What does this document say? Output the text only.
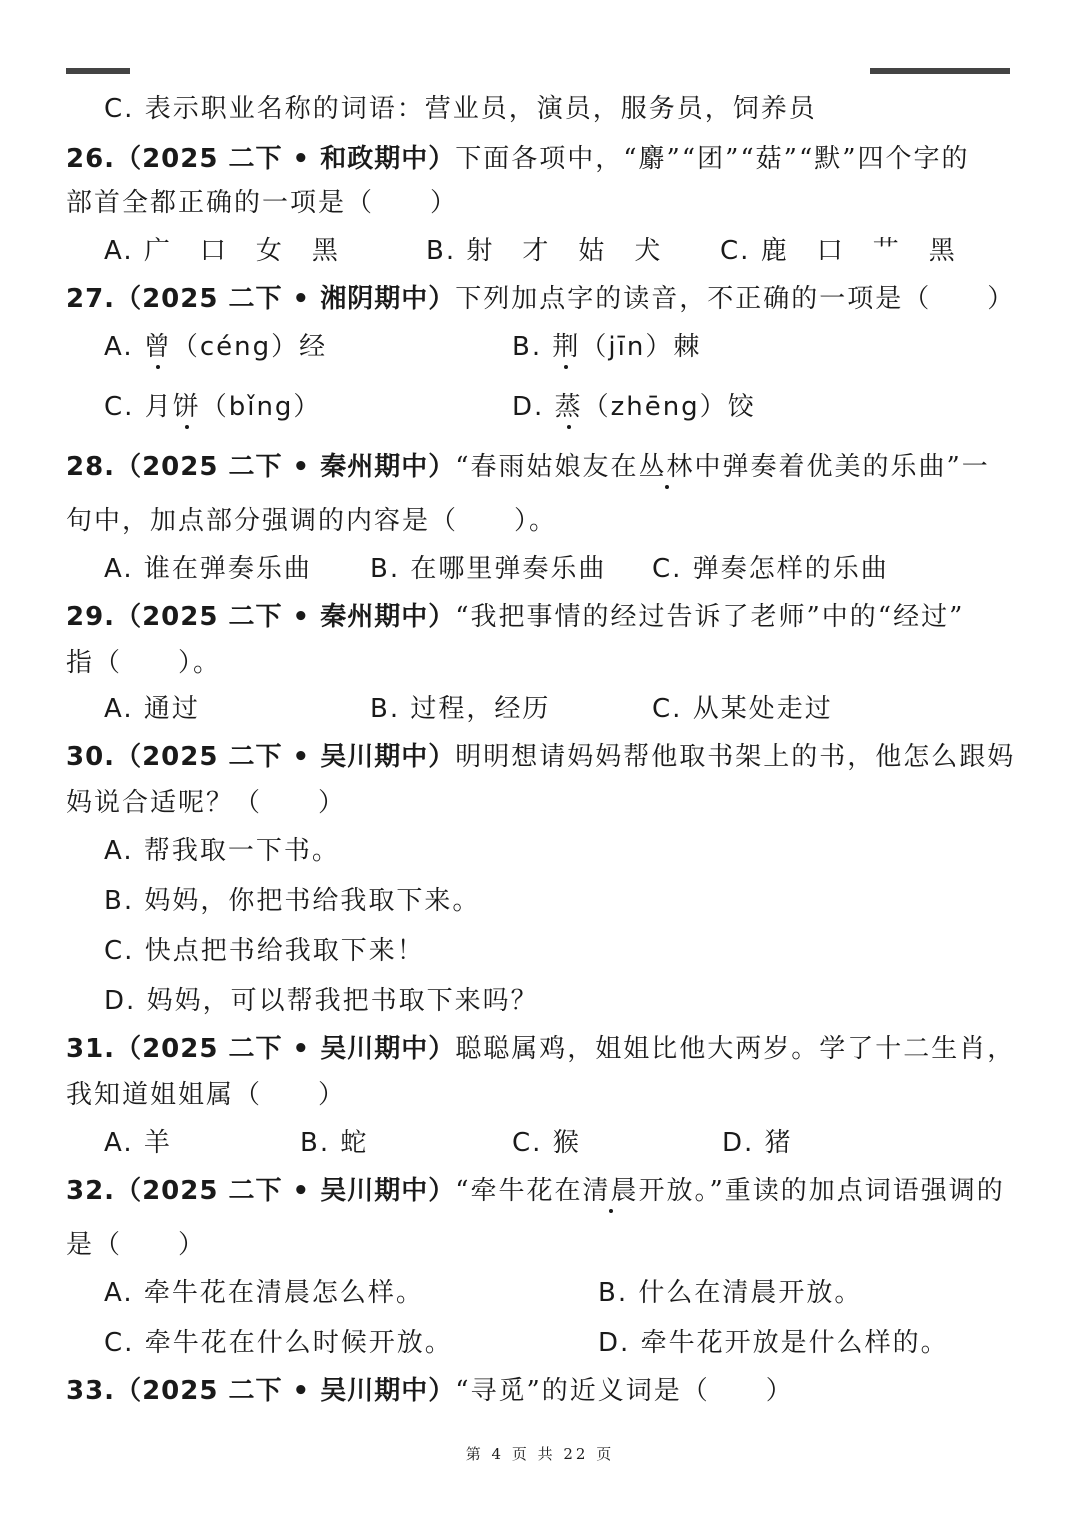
C. 表示职业名称的词语：营业员，演员，服务员，饲养员
26.（2025 二下 • 和政期中）下面各项中，“麝”“团”“菇”“默”四个字的
部首全都正确的一项是（　　）
A. 广　口　女　黑	B. 射　才　姑　犬 C. 鹿　口　艹　黑
27.（2025 二下 • 湘阴期中）下列加点字的读音，不正确的一项是（　　）
A. 曾（céng）经	B. 荆（jīn）棘
C. 月饼（bǐng）	D. 蒸（zhēng）饺
28.（2025 二下 • 秦州期中）“春雨姑娘友在丛林中弹奏着优美的乐曲”一
句中，加点部分强调的内容是（　　）。
A. 谁在弹奏乐曲 B. 在哪里弹奏乐曲 C. 弹奏怎样的乐曲
29.（2025 二下 • 秦州期中）“我把事情的经过告诉了老师”中的“经过”
指（　　）。
A. 通过	B. 过程，经历	C. 从某处走过
30.（2025 二下 • 吴川期中）明明想请妈妈帮他取书架上的书，他怎么跟妈
妈说合适呢？（　　）
A. 帮我取一下书。
B. 妈妈，你把书给我取下来。
C. 快点把书给我取下来！
D. 妈妈，可以帮我把书取下来吗？
31.（2025 二下 • 吴川期中）聪聪属鸡，姐姐比他大两岁。学了十二生肖，
我知道姐姐属（　　）
A. 羊	B. 蛇	C. 猴	D. 猪
32.（2025 二下 • 吴川期中）“牵牛花在清晨开放。”重读的加点词语强调的
是（　　）
A. 牵牛花在清晨怎么样。	B. 什么在清晨开放。
C. 牵牛花在什么时候开放。	D. 牵牛花开放是什么样的。
33.（2025 二下 • 吴川期中）“寻觅”的近义词是（　　）
第 4 页 共 22 页
